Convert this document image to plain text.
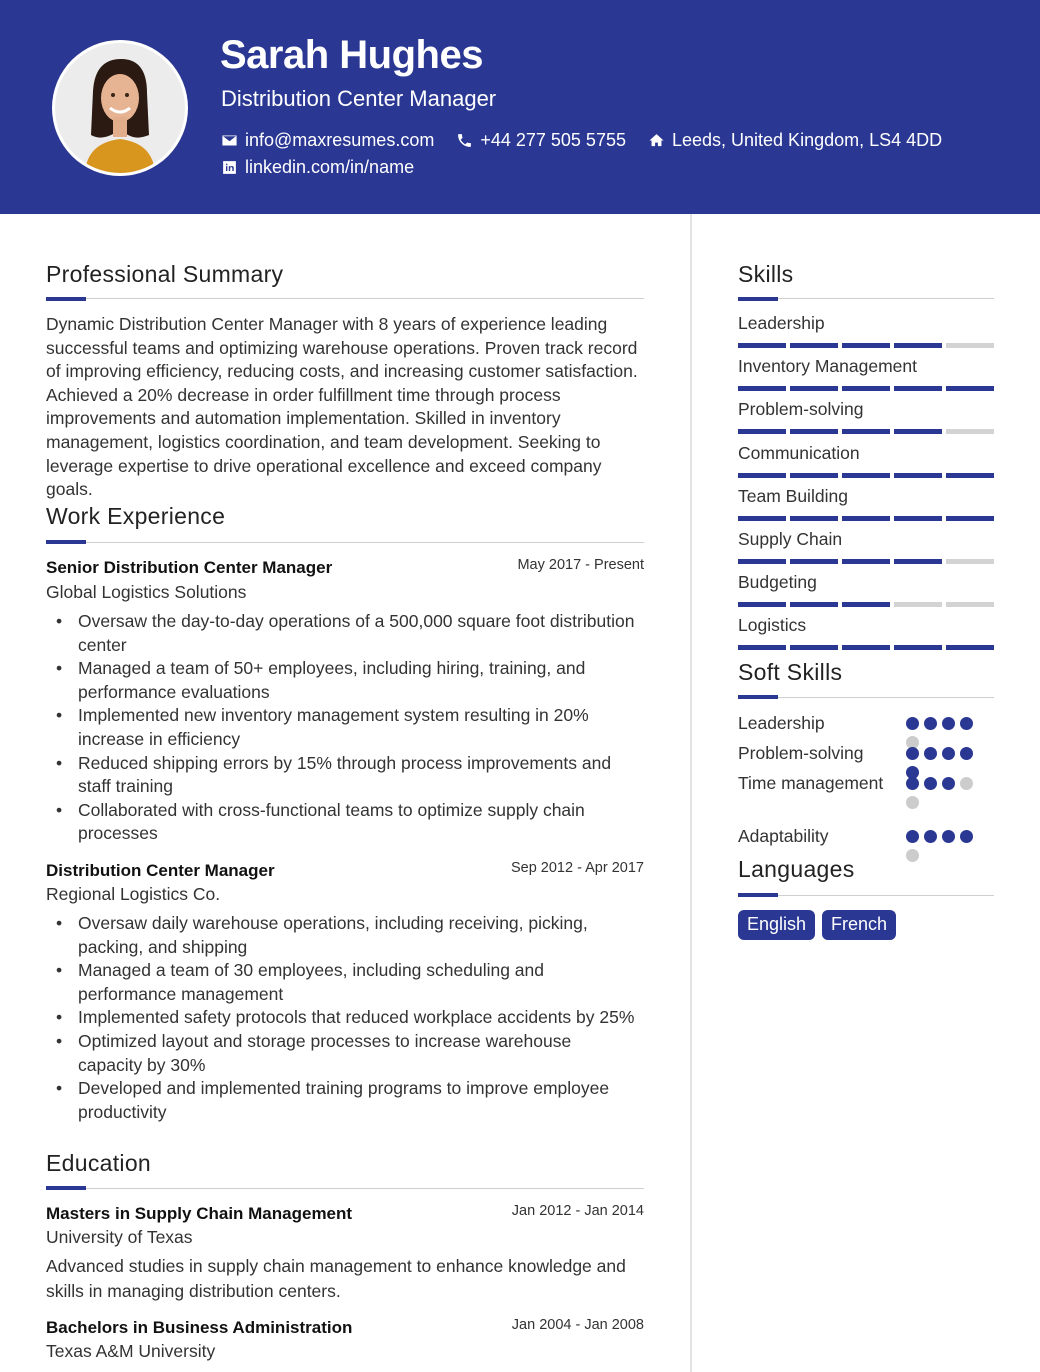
Sarah Hughes
Distribution Center Manager
info@maxresumes.com	+44 277 505 5755	Leeds, United Kingdom, LS4 4DD
linkedin.com/in/name
Professional Summary
Dynamic Distribution Center Manager with 8 years of experience leading successful teams and optimizing warehouse operations. Proven track record of improving efficiency, reducing costs, and increasing customer satisfaction. Achieved a 20% decrease in order fulfillment time through process improvements and automation implementation. Skilled in inventory management, logistics coordination, and team development. Seeking to leverage expertise to drive operational excellence and exceed company goals.
Work Experience
Senior Distribution Center Manager	May 2017 - Present
Global Logistics Solutions
• Oversaw the day-to-day operations of a 500,000 square foot distribution center
• Managed a team of 50+ employees, including hiring, training, and performance evaluations
• Implemented new inventory management system resulting in 20% increase in efficiency
• Reduced shipping errors by 15% through process improvements and staff training
• Collaborated with cross-functional teams to optimize supply chain processes
Distribution Center Manager	Sep 2012 - Apr 2017
Regional Logistics Co.
• Oversaw daily warehouse operations, including receiving, picking, packing, and shipping
• Managed a team of 30 employees, including scheduling and performance management
• Implemented safety protocols that reduced workplace accidents by 25%
• Optimized layout and storage processes to increase warehouse capacity by 30%
• Developed and implemented training programs to improve employee productivity
Education
Masters in Supply Chain Management	Jan 2012 - Jan 2014
University of Texas
Advanced studies in supply chain management to enhance knowledge and skills in managing distribution centers.
Bachelors in Business Administration	Jan 2004 - Jan 2008
Texas A&M University
Skills
Leadership
Inventory Management
Problem-solving
Communication
Team Building
Supply Chain
Budgeting
Logistics
Soft Skills
Leadership
Problem-solving
Time management
Adaptability
Languages
English	French
